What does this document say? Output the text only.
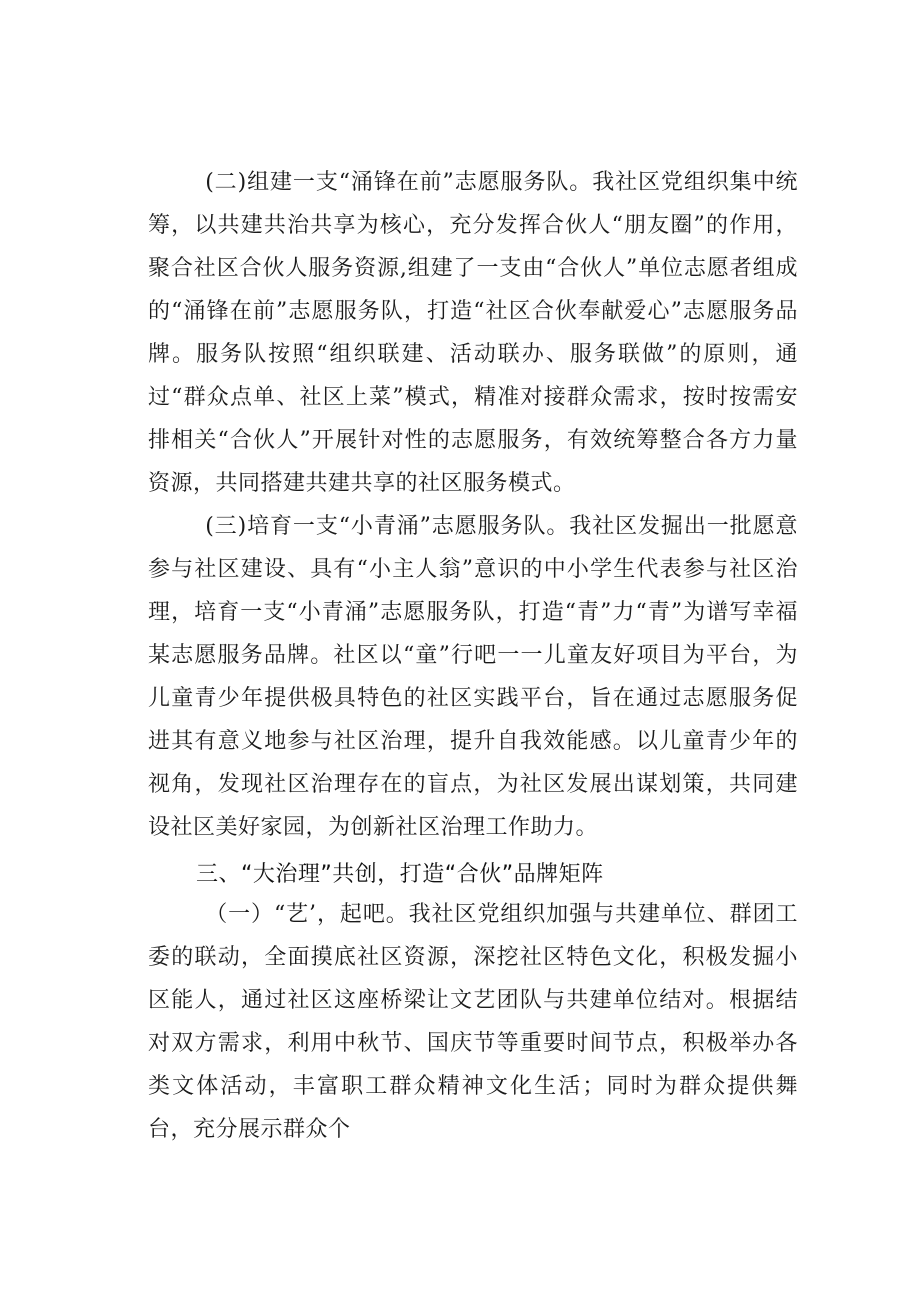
(二)组建一支“涌锋在前”志愿服务队。我社区党组织集中统筹，以共建共治共享为核心，充分发挥合伙人“朋友圈”的作用，聚合社区合伙人服务资源,组建了一支由“合伙人”单位志愿者组成的“涌锋在前”志愿服务队，打造“社区合伙奉献爱心”志愿服务品牌。服务队按照“组织联建、活动联办、服务联做”的原则，通过“群众点单、社区上菜”模式，精准对接群众需求，按时按需安排相关“合伙人”开展针对性的志愿服务，有效统筹整合各方力量资源，共同搭建共建共享的社区服务模式。

(三)培育一支“小青涌”志愿服务队。我社区发掘出一批愿意参与社区建设、具有“小主人翁”意识的中小学生代表参与社区治理，培育一支“小青涌”志愿服务队，打造“青”力“青”为谱写幸福某志愿服务品牌。社区以“童”行吧一一儿童友好项目为平台，为儿童青少年提供极具特色的社区实践平台，旨在通过志愿服务促进其有意义地参与社区治理，提升自我效能感。以儿童青少年的视角，发现社区治理存在的盲点，为社区发展出谋划策，共同建设社区美好家园，为创新社区治理工作助力。

三、“大治理”共创，打造“合伙”品牌矩阵

（一）“艺’，起吧。我社区党组织加强与共建单位、群团工委的联动，全面摸底社区资源，深挖社区特色文化，积极发掘小区能人，通过社区这座桥梁让文艺团队与共建单位结对。根据结对双方需求，利用中秋节、国庆节等重要时间节点，积极举办各类文体活动，丰富职工群众精神文化生活；同时为群众提供舞台，充分展示群众个
